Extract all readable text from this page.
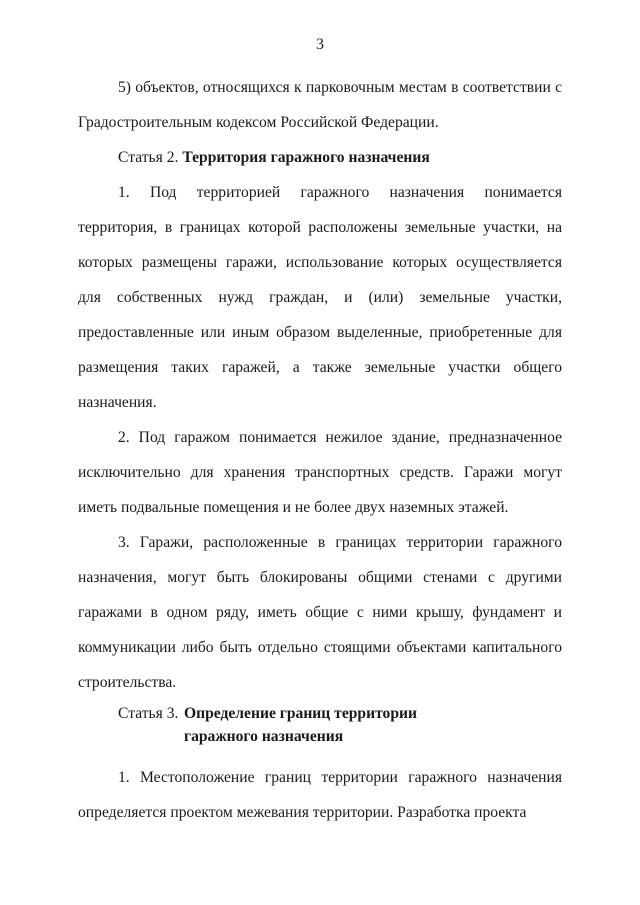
3

5) объектов, относящихся к парковочным местам в соответствии с Градостроительным кодексом Российской Федерации.

Статья 2. Территория гаражного назначения

1. Под территорией гаражного назначения понимается территория, в границах которой расположены земельные участки, на которых размещены гаражи, использование которых осуществляется для собственных нужд граждан, и (или) земельные участки, предоставленные или иным образом выделенные, приобретенные для размещения таких гаражей, а также земельные участки общего назначения.

2. Под гаражом понимается нежилое здание, предназначенное исключительно для хранения транспортных средств. Гаражи могут иметь подвальные помещения и не более двух наземных этажей.

3. Гаражи, расположенные в границах территории гаражного назначения, могут быть блокированы общими стенами с другими гаражами в одном ряду, иметь общие с ними крышу, фундамент и коммуникации либо быть отдельно стоящими объектами капитального строительства.

Статья 3. Определение границ территории гаражного назначения

1. Местоположение границ территории гаражного назначения определяется проектом межевания территории. Разработка проекта
